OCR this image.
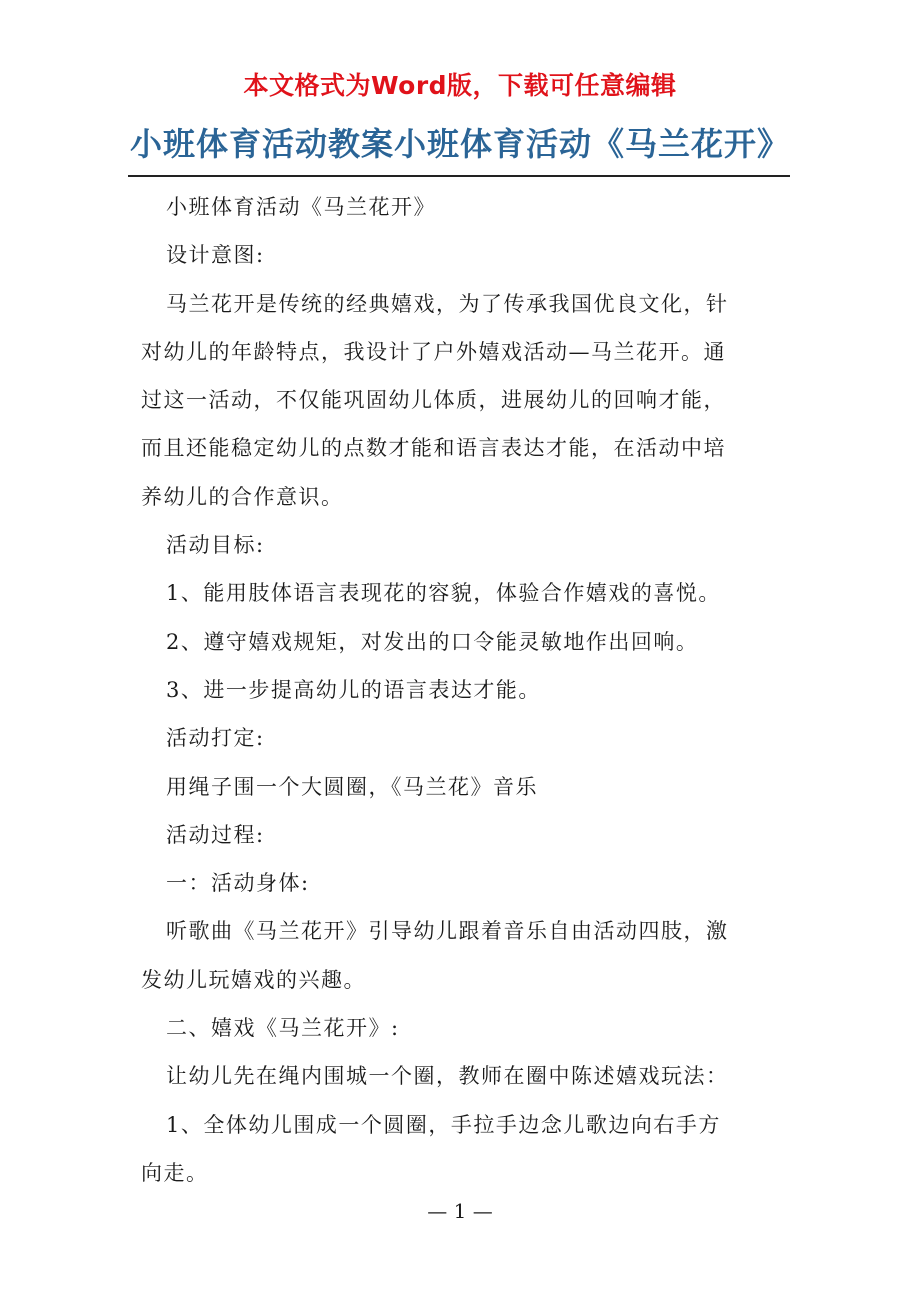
本文格式为Word版，下载可任意编辑
小班体育活动教案小班体育活动《马兰花开》
小班体育活动《马兰花开》
设计意图:
马兰花开是传统的经典嬉戏，为了传承我国优良文化，针
对幼儿的年龄特点，我设计了户外嬉戏活动—马兰花开。通
过这一活动，不仅能巩固幼儿体质，进展幼儿的回响才能，
而且还能稳定幼儿的点数才能和语言表达才能，在活动中培
养幼儿的合作意识。
活动目标:
1、能用肢体语言表现花的容貌，体验合作嬉戏的喜悦。
2、遵守嬉戏规矩，对发出的口令能灵敏地作出回响。
3、进一步提高幼儿的语言表达才能。
活动打定:
用绳子围一个大圆圈，《马兰花》音乐
活动过程:
一：活动身体:
听歌曲《马兰花开》引导幼儿跟着音乐自由活动四肢，激
发幼儿玩嬉戏的兴趣。
二、嬉戏《马兰花开》:
让幼儿先在绳内围城一个圈，教师在圈中陈述嬉戏玩法：
1、全体幼儿围成一个圆圈，手拉手边念儿歌边向右手方
向走。
— 1 —
